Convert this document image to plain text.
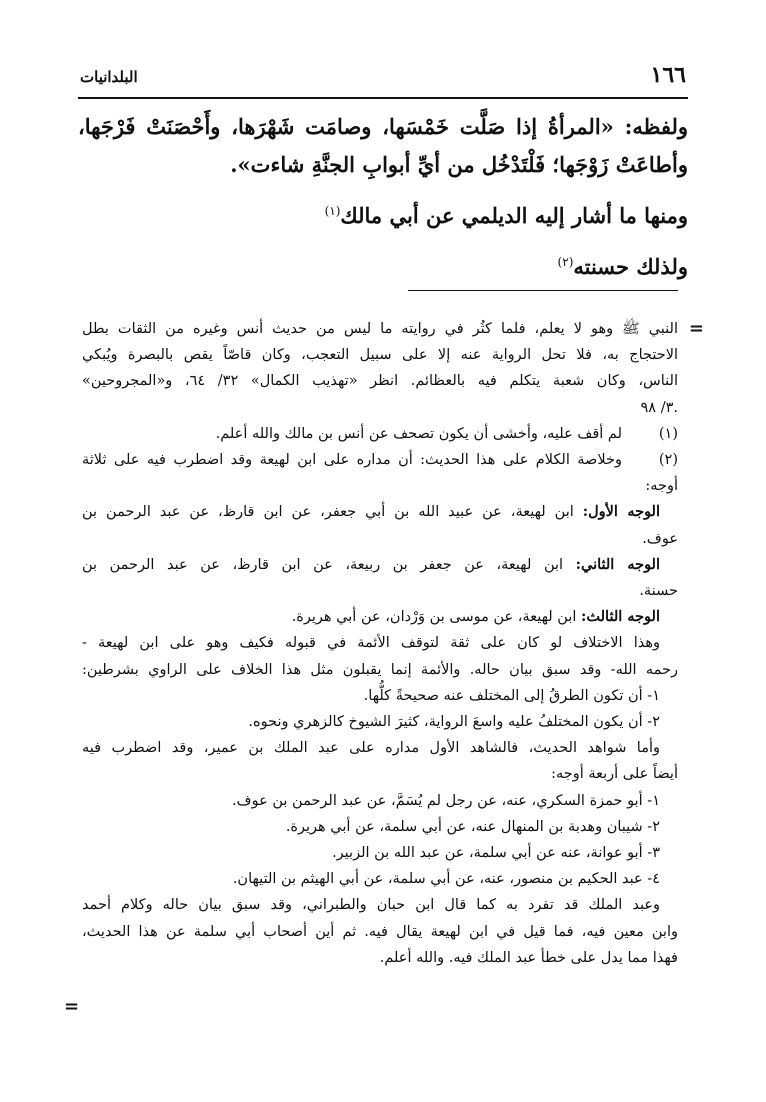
١٦٦
البلدانيات
ولفظه: «المرأةُ إذا صَلَّت خَمْسَها، وصامَت شَهْرَها، وأَحْصَنَتْ فَرْجَها،
وأطاعَتْ زَوْجَها؛ فَلْتَدْخُل من أيِّ أبوابِ الجنَّةِ شاءت».
ومنها ما أشار إليه الديلمي عن أبي مالك$^{(١)}$
ولذلك حسنته$^{(٢)}$
=
النبي ﷺ وهو لا يعلم، فلما كثُر في روايته ما ليس من حديث أنس وغيره من الثقات بطل
الاحتجاج به، فلا تحل الرواية عنه إلا على سبيل التعجب، وكان قاصّاً يقص بالبصرة ويُبكي
الناس، وكان شعبة يتكلم فيه بالعظائم. انظر «تهذيب الكمال» ٣٢/ ٦٤، و«المجروحين»
٣/ ٩٨.
(١)لم أقف عليه، وأخشى أن يكون تصحف عن أنس بن مالك والله أعلم.
(٢)وخلاصة الكلام على هذا الحديث: أن مداره على ابن لهيعة وقد اضطرب فيه على ثلاثة
أوجه:
الوجه الأول: ابن لهيعة، عن عبيد الله بن أبي جعفر، عن ابن قارظ، عن عبد الرحمن بن
عوف.
الوجه الثاني: ابن لهيعة، عن جعفر بن ربيعة، عن ابن قارظ، عن عبد الرحمن بن
حسنة.
الوجه الثالث: ابن لهيعة، عن موسى بن وَرْدان، عن أبي هريرة.
وهذا الاختلاف لو كان على ثقة لتوقف الأئمة في قبوله فكيف وهو على ابن لهيعة -
رحمه الله- وقد سبق بيان حاله. والأئمة إنما يقبلون مثل هذا الخلاف على الراوي بشرطين:
١- أن تكون الطرقُ إلى المختلف عنه صحيحةً كلُّها.
٢- أن يكون المختلفُ عليه واسعَ الرواية، كثيرَ الشيوخ كالزهري ونحوه.
وأما شواهد الحديث، فالشاهد الأول مداره على عبد الملك بن عمير، وقد اضطرب فيه
أيضاً على أربعة أوجه:
١- أبو حمزة السكري، عنه، عن رجل لم يُسَمَّ، عن عبد الرحمن بن عوف.
٢- شيبان وهدبة بن المنهال عنه، عن أبي سلمة، عن أبي هريرة.
٣- أبو عوانة، عنه عن أبي سلمة، عن عبد الله بن الزبير.
٤- عبد الحكيم بن منصور، عنه، عن أبي سلمة، عن أبي الهيثم بن التيهان.
وعبد الملك قد تفرد به كما قال ابن حبان والطبراني، وقد سبق بيان حاله وكلام أحمد
وابن معين فيه، فما قيل في ابن لهيعة يقال فيه. ثم أين أصحاب أبي سلمة عن هذا الحديث،
فهذا مما يدل على خطأ عبد الملك فيه. والله أعلم.
=
